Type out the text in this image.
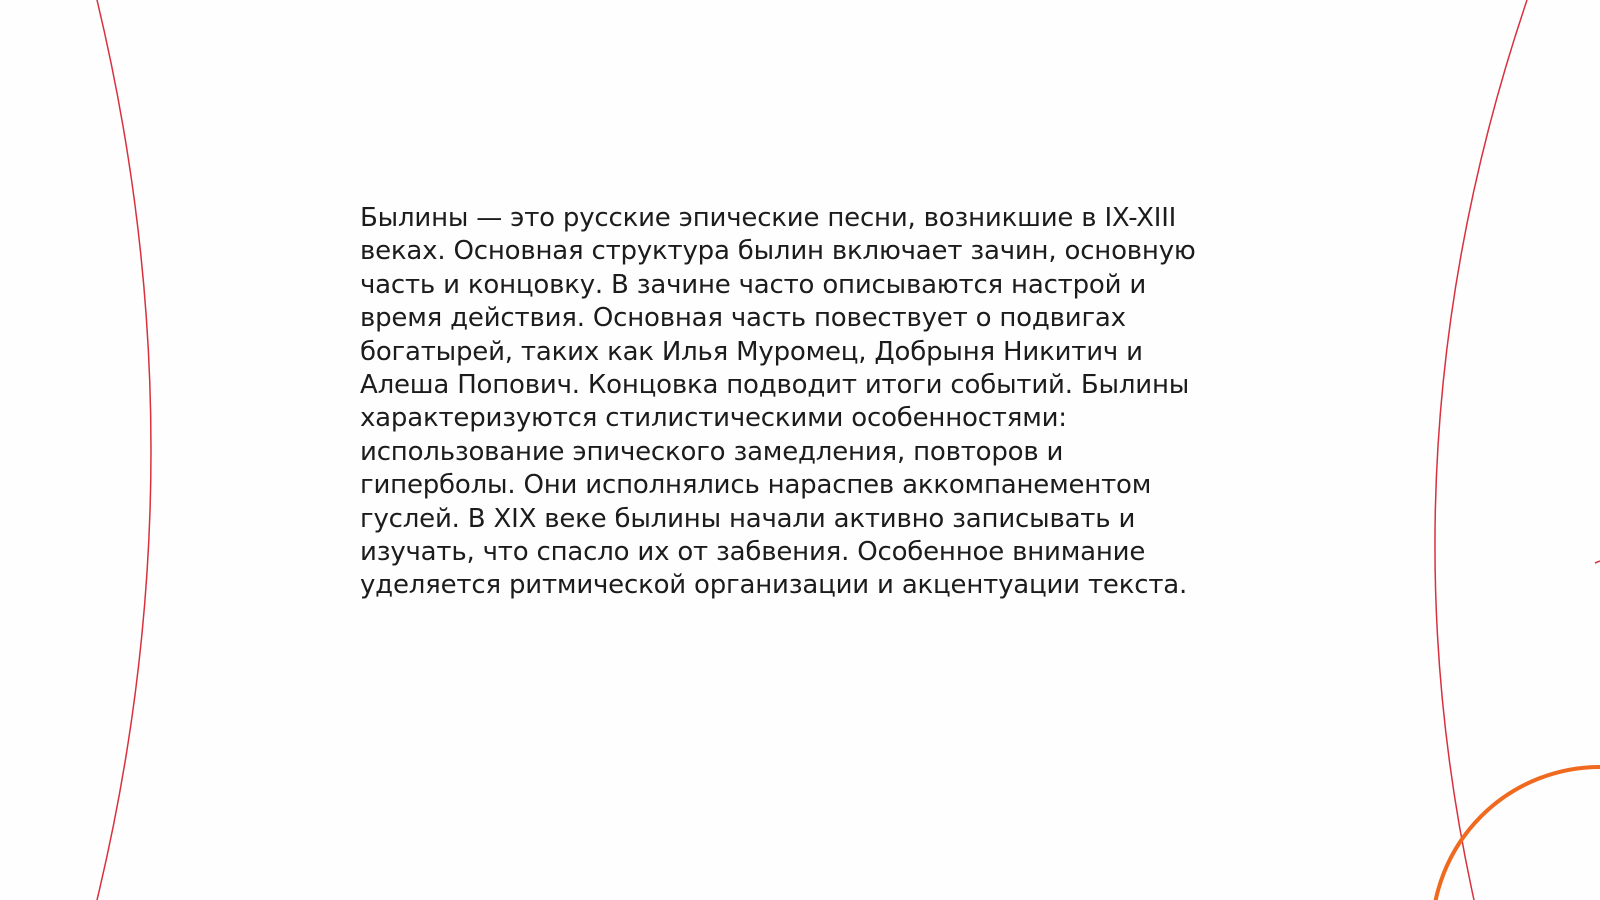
Былины — это русские эпические песни, возникшие в IX-XIII веках. Основная структура былин включает зачин, основную часть и концовку. В зачине часто описываются настрой и время действия. Основная часть повествует о подвигах богатырей, таких как Илья Муромец, Добрыня Никитич и Алеша Попович. Концовка подводит итоги событий. Былины характеризуются стилистическими особенностями: использование эпического замедления, повторов и гиперболы. Они исполнялись нараспев аккомпанементом гуслей. В XIX веке былины начали активно записывать и изучать, что спасло их от забвения. Особенное внимание уделяется ритмической организации и акцентуации текста.
